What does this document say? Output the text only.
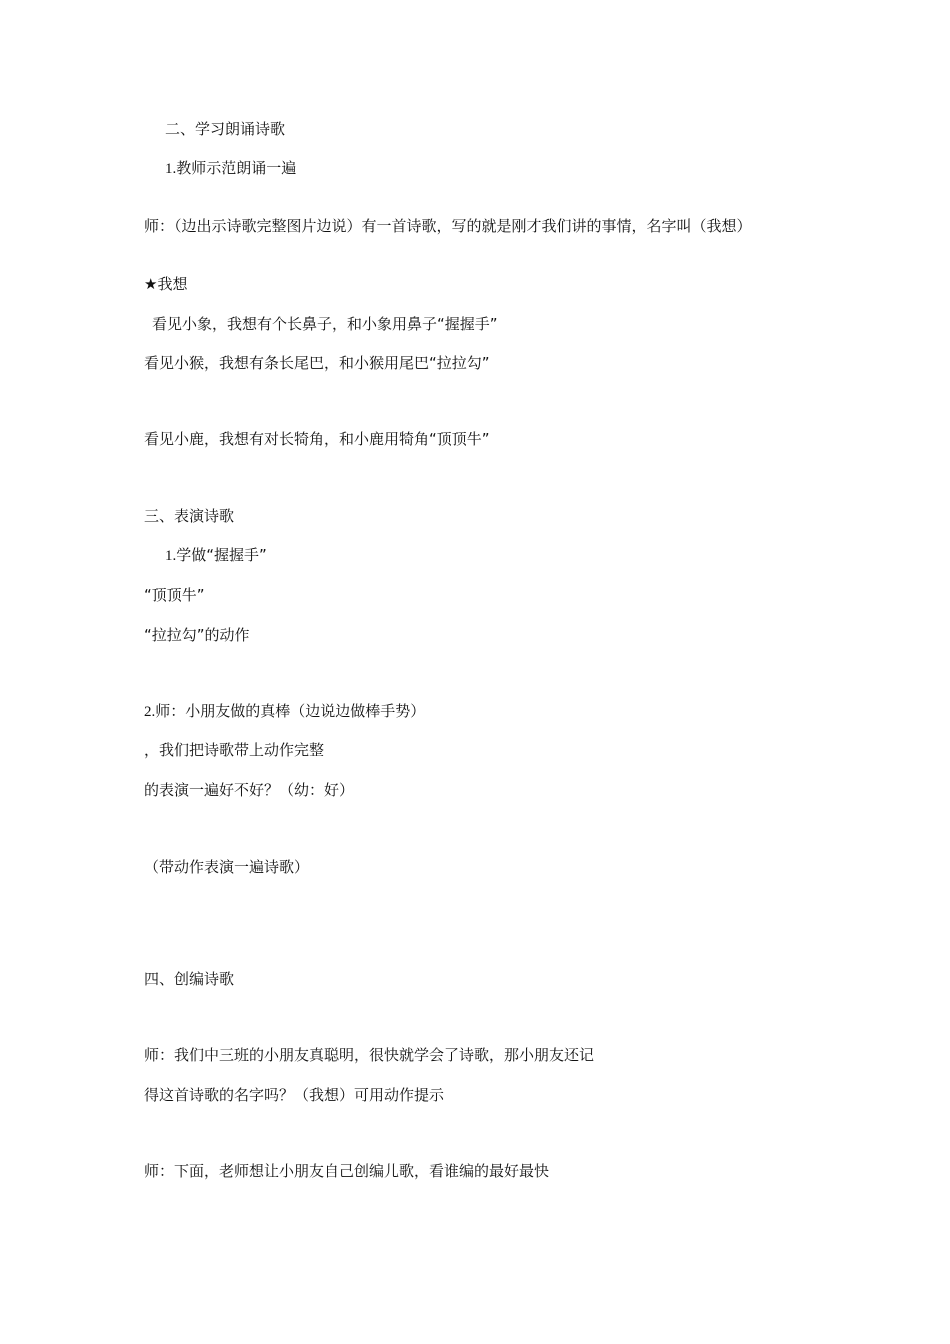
二、学习朗诵诗歌
1.教师示范朗诵一遍
师：（边出示诗歌完整图片边说）有一首诗歌，写的就是刚才我们讲的事情，名字叫（我想）
★我想
看见小象，我想有个长鼻子，和小象用鼻子“握握手”
看见小猴，我想有条长尾巴，和小猴用尾巴“拉拉勾”
看见小鹿，我想有对长犄角，和小鹿用犄角“顶顶牛”
三、表演诗歌
1.学做“握握手”
“顶顶牛”
“拉拉勾”的动作
2.师：小朋友做的真棒（边说边做棒手势）
，我们把诗歌带上动作完整
的表演一遍好不好？（幼：好）
（带动作表演一遍诗歌）
四、创编诗歌
师：我们中三班的小朋友真聪明，很快就学会了诗歌，那小朋友还记
得这首诗歌的名字吗？（我想）可用动作提示
师：下面，老师想让小朋友自己创编儿歌，看谁编的最好最快
